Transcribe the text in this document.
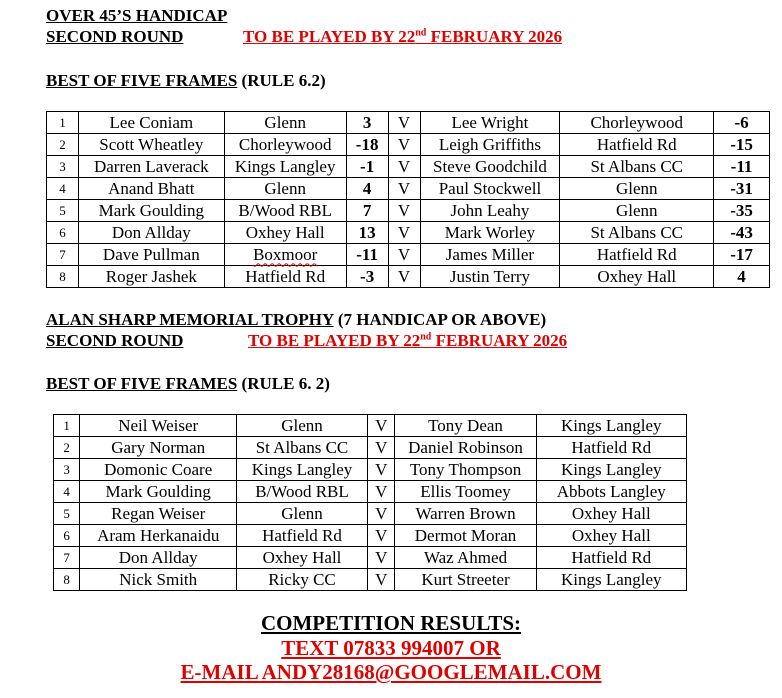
OVER 45’S HANDICAP
SECOND ROUND	TO BE PLAYED BY 22nd FEBRUARY 2026
BEST OF FIVE FRAMES (RULE 6.2)
1	Lee Coniam	Glenn	3	V	Lee Wright	Chorleywood	-6
2	Scott Wheatley	Chorleywood	-18	V	Leigh Griffiths	Hatfield Rd	-15
3	Darren Laverack	Kings Langley	-1	V	Steve Goodchild	St Albans CC	-11
4	Anand Bhatt	Glenn	4	V	Paul Stockwell	Glenn	-31
5	Mark Goulding	B/Wood RBL	7	V	John Leahy	Glenn	-35
6	Don Allday	Oxhey Hall	13	V	Mark Worley	St Albans CC	-43
7	Dave Pullman	Boxmoor	-11	V	James Miller	Hatfield Rd	-17
8	Roger Jashek	Hatfield Rd	-3	V	Justin Terry	Oxhey Hall	4
ALAN SHARP MEMORIAL TROPHY (7 HANDICAP OR ABOVE)
SECOND ROUND	TO BE PLAYED BY 22nd FEBRUARY 2026
BEST OF FIVE FRAMES (RULE 6. 2)
1	Neil Weiser	Glenn	V	Tony Dean	Kings Langley
2	Gary Norman	St Albans CC	V	Daniel Robinson	Hatfield Rd
3	Domonic Coare	Kings Langley	V	Tony Thompson	Kings Langley
4	Mark Goulding	B/Wood RBL	V	Ellis Toomey	Abbots Langley
5	Regan Weiser	Glenn	V	Warren Brown	Oxhey Hall
6	Aram Herkanaidu	Hatfield Rd	V	Dermot Moran	Oxhey Hall
7	Don Allday	Oxhey Hall	V	Waz Ahmed	Hatfield Rd
8	Nick Smith	Ricky CC	V	Kurt Streeter	Kings Langley
COMPETITION RESULTS:
TEXT 07833 994007 OR
E-MAIL ANDY28168@GOOGLEMAIL.COM
